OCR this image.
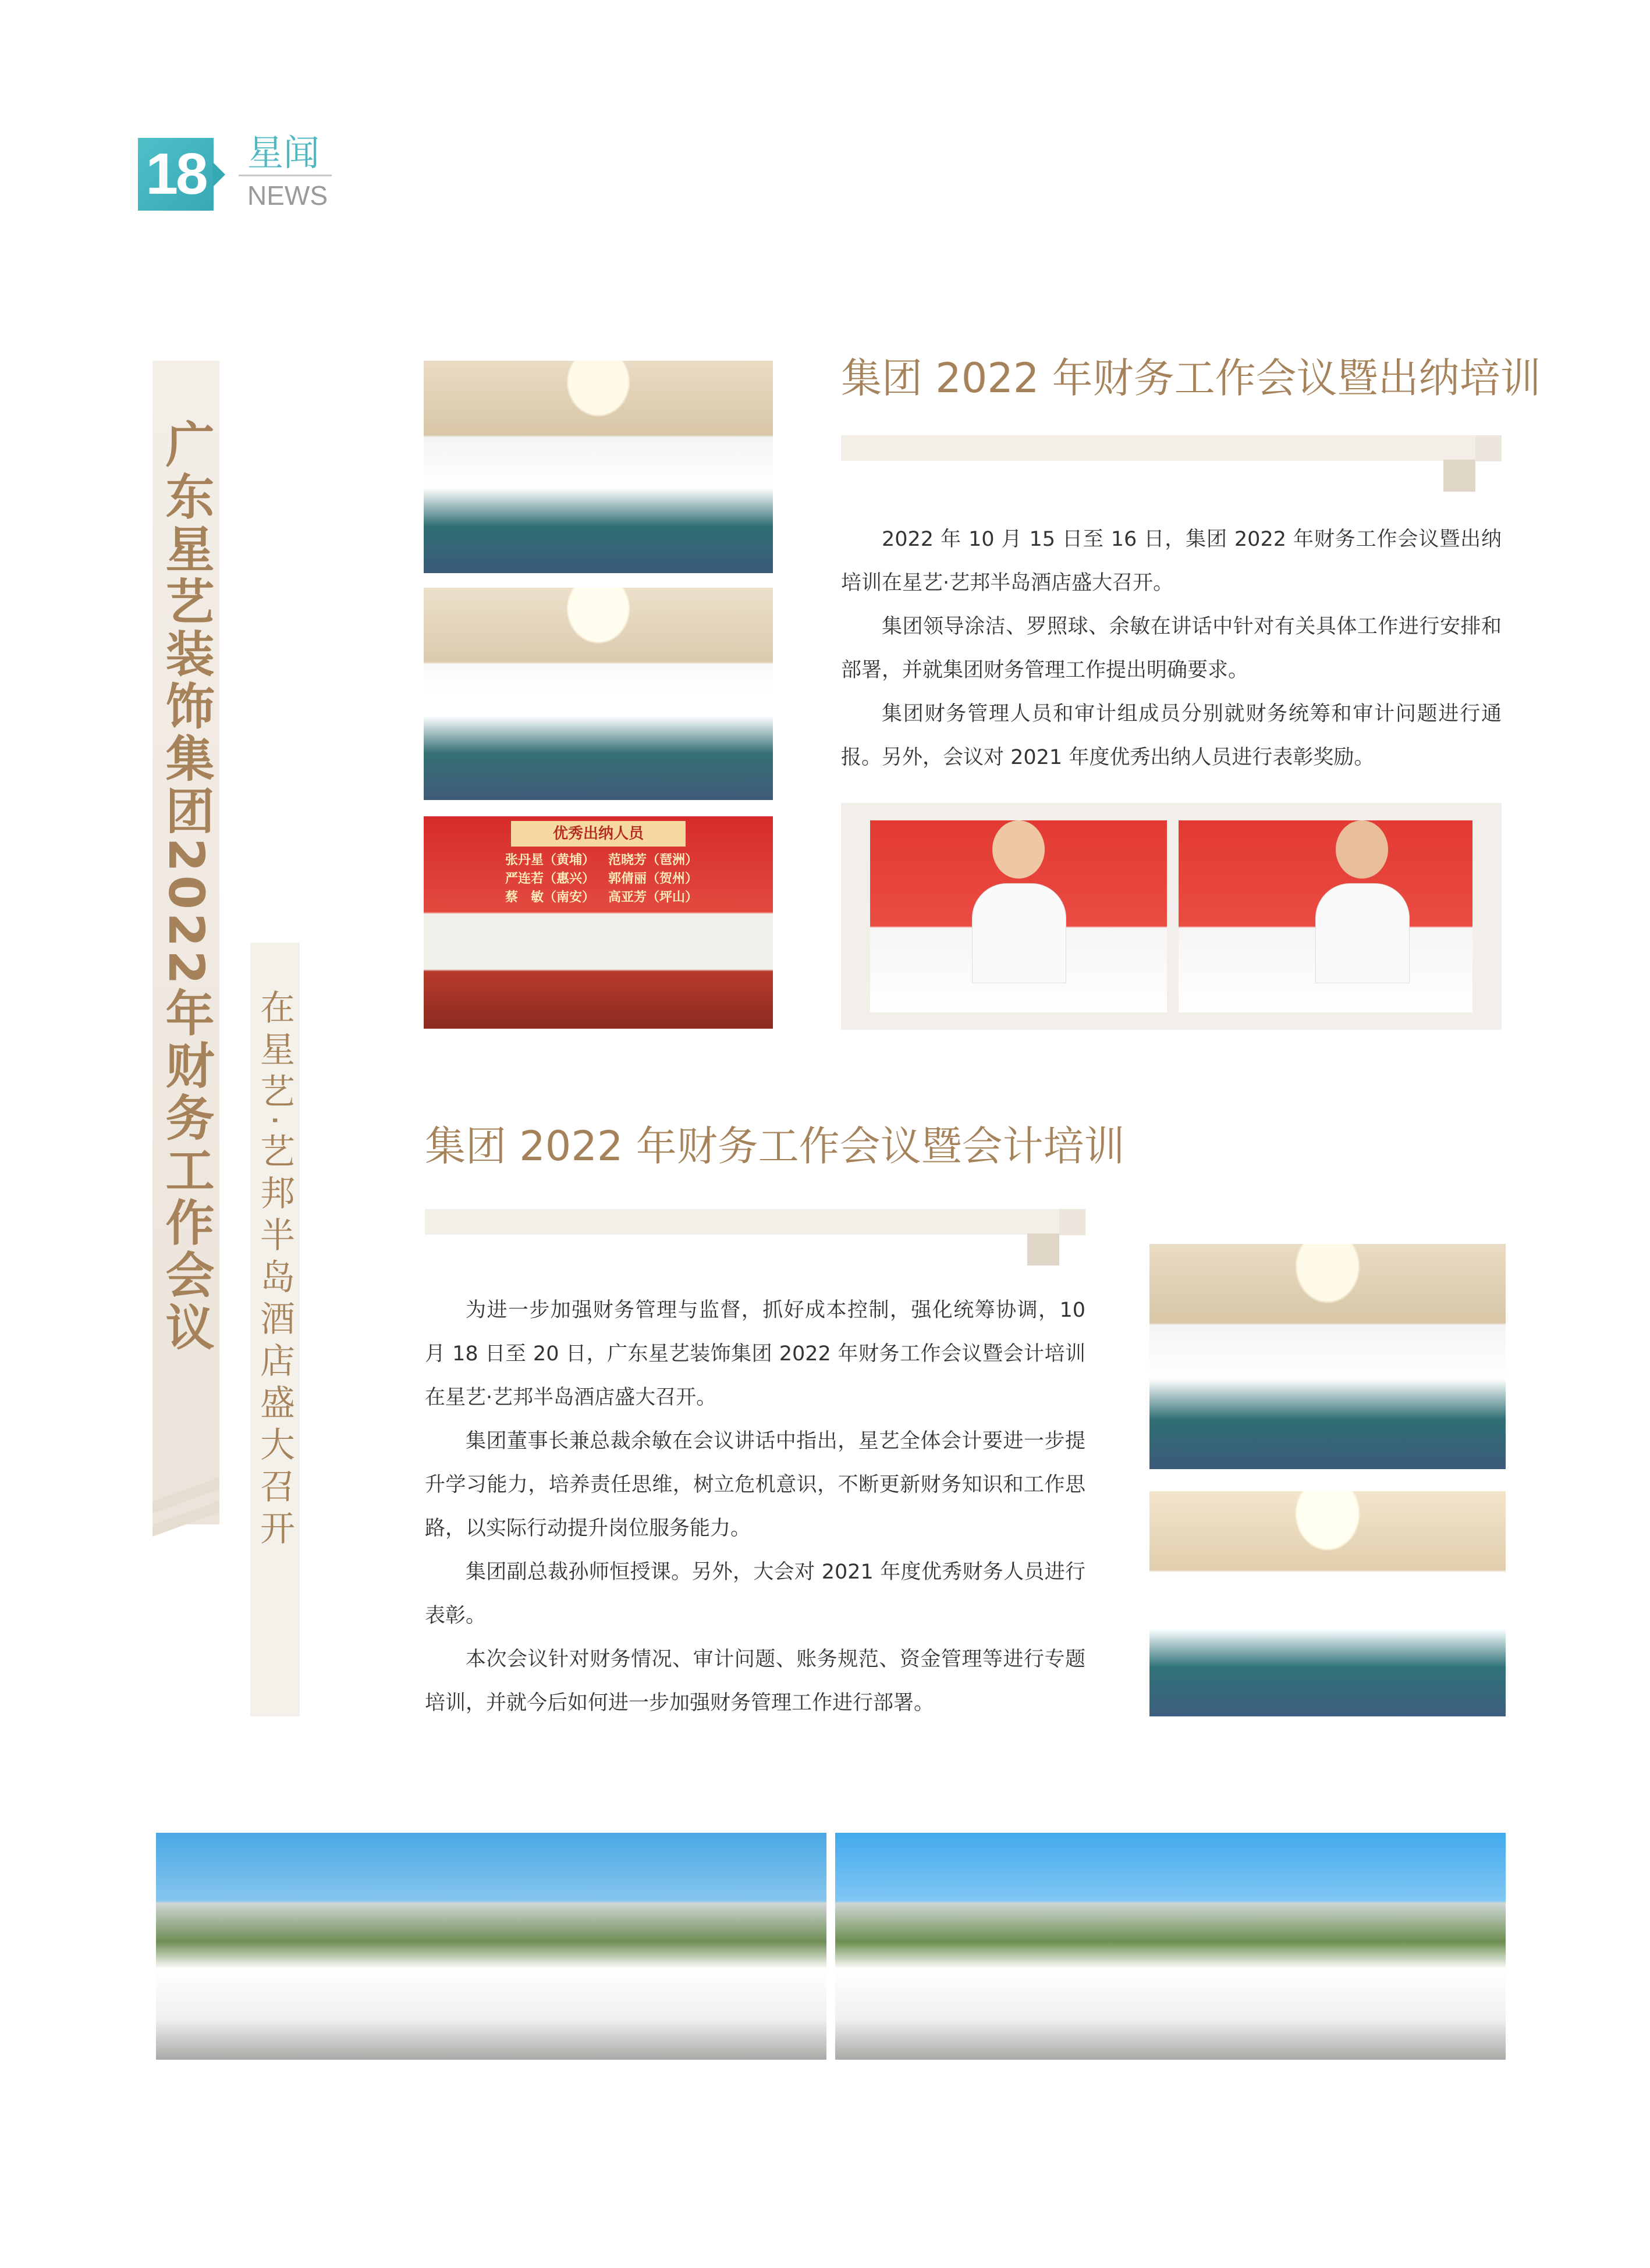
18 星闻
NEWS
广东星艺装饰集团2022年财务工作会议 在星艺·艺邦半岛酒店盛大召开
优秀出纳人员
张丹星（黄埔）	范晓芳（琶洲）
严连若（惠兴）	郭倩丽（贺州）
蔡　敏（南安）	高亚芳（坪山）
集团 2022 年财务工作会议暨出纳培训

2022 年 10 月 15 日至 16 日，集团 2022 年财务工作会议暨出纳培训在星艺·艺邦半岛酒店盛大召开。

集团领导涂洁、罗照球、余敏在讲话中针对有关具体工作进行安排和部署，并就集团财务管理工作提出明确要求。

集团财务管理人员和审计组成员分别就财务统筹和审计问题进行通报。另外，会议对 2021 年度优秀出纳人员进行表彰奖励。

集团 2022 年财务工作会议暨会计培训

为进一步加强财务管理与监督，抓好成本控制，强化统筹协调，10 月 18 日至 20 日，广东星艺装饰集团 2022 年财务工作会议暨会计培训在星艺·艺邦半岛酒店盛大召开。

集团董事长兼总裁余敏在会议讲话中指出，星艺全体会计要进一步提升学习能力，培养责任思维，树立危机意识，不断更新财务知识和工作思路，以实际行动提升岗位服务能力。

集团副总裁孙师恒授课。另外，大会对 2021 年度优秀财务人员进行表彰。

本次会议针对财务情况、审计问题、账务规范、资金管理等进行专题培训，并就今后如何进一步加强财务管理工作进行部署。
